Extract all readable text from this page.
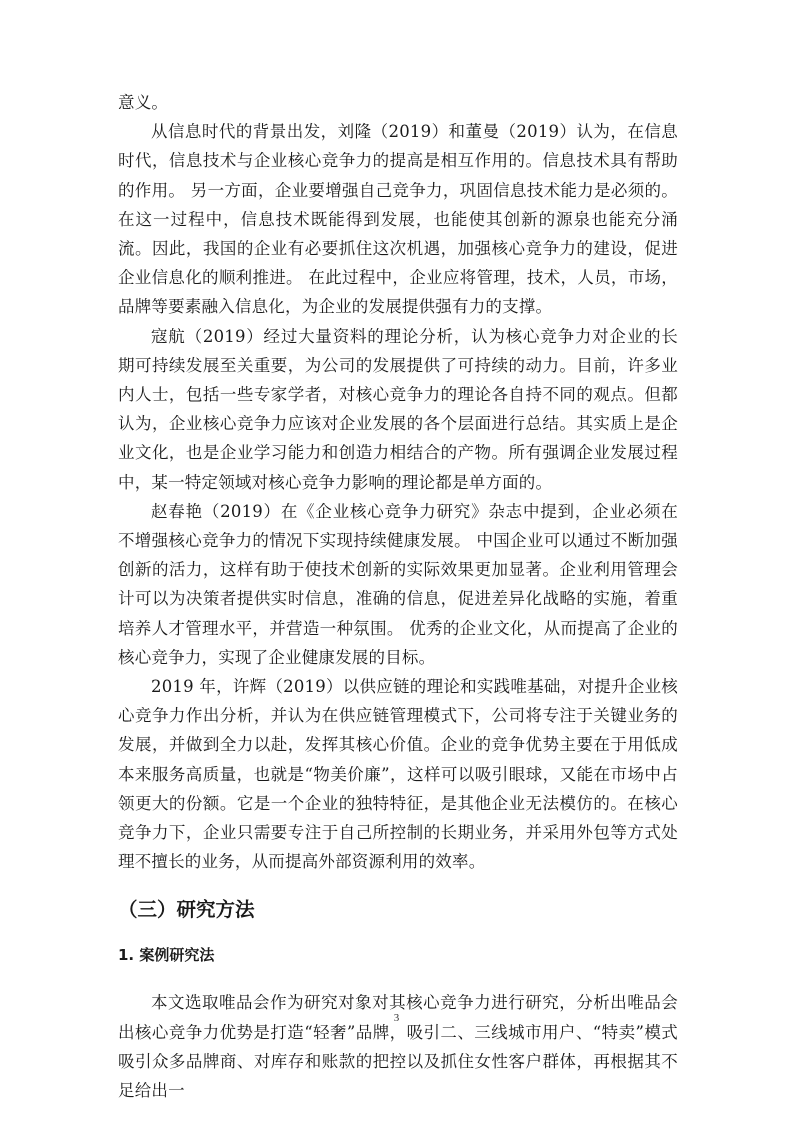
意义。

从信息时代的背景出发，刘隆（2019）和董曼（2019）认为，在信息时代，信息技术与企业核心竞争力的提高是相互作用的。信息技术具有帮助的作用。 另一方面，企业要增强自己竞争力，巩固信息技术能力是必须的。在这一过程中，信息技术既能得到发展，也能使其创新的源泉也能充分涌流。因此，我国的企业有必要抓住这次机遇，加强核心竞争力的建设，促进企业信息化的顺利推进。 在此过程中，企业应将管理，技术，人员，市场，品牌等要素融入信息化，为企业的发展提供强有力的支撑。

寇航（2019）经过大量资料的理论分析，认为核心竞争力对企业的长期可持续发展至关重要，为公司的发展提供了可持续的动力。目前，许多业内人士，包括一些专家学者，对核心竞争力的理论各自持不同的观点。但都认为，企业核心竞争力应该对企业发展的各个层面进行总结。其实质上是企业文化，也是企业学习能力和创造力相结合的产物。所有强调企业发展过程中，某一特定领域对核心竞争力影响的理论都是单方面的。

赵春艳（2019）在《企业核心竞争力研究》杂志中提到，企业必须在不增强核心竞争力的情况下实现持续健康发展。 中国企业可以通过不断加强创新的活力，这样有助于使技术创新的实际效果更加显著。企业利用管理会计可以为决策者提供实时信息，准确的信息，促进差异化战略的实施，着重培养人才管理水平，并营造一种氛围。 优秀的企业文化，从而提高了企业的核心竞争力，实现了企业健康发展的目标。

2019 年，许辉（2019）以供应链的理论和实践唯基础，对提升企业核心竞争力作出分析，并认为在供应链管理模式下，公司将专注于关键业务的发展，并做到全力以赴，发挥其核心价值。企业的竞争优势主要在于用低成本来服务高质量，也就是“物美价廉”，这样可以吸引眼球，又能在市场中占领更大的份额。它是一个企业的独特特征，是其他企业无法模仿的。在核心竞争力下，企业只需要专注于自己所控制的长期业务，并采用外包等方式处理不擅长的业务，从而提高外部资源利用的效率。

（三）研究方法
1. 案例研究法

本文选取唯品会作为研究对象对其核心竞争力进行研究，分析出唯品会出核心竞争力优势是打造“轻奢”品牌，吸引二、三线城市用户、“特卖”模式吸引众多品牌商、对库存和账款的把控以及抓住女性客户群体，再根据其不足给出一

3
